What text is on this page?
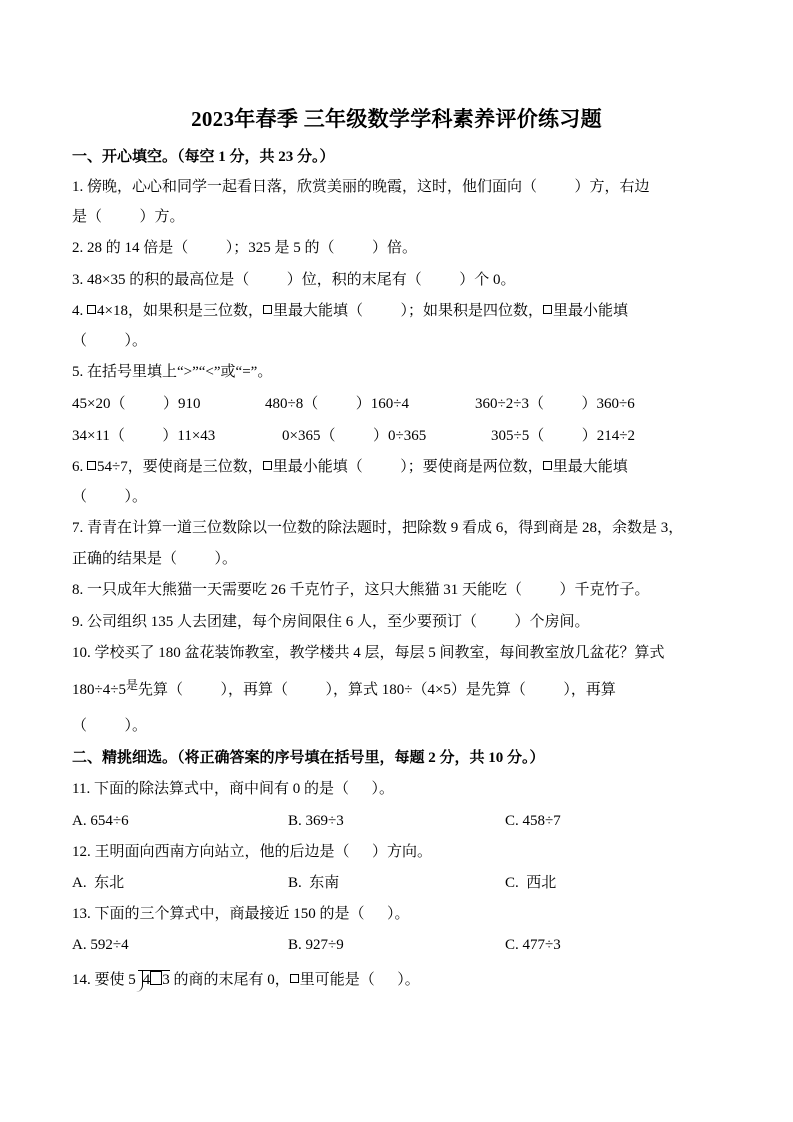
2023年春季 三年级数学学科素养评价练习题
一、开心填空。（每空 1 分，共 23 分。）
1. 傍晚，心心和同学一起看日落，欣赏美丽的晚霞，这时，他们面向（          ）方，右边
是（          ）方。
2. 28 的 14 倍是（          ）；325 是 5 的（          ）倍。
3. 48×35 的积的最高位是（          ）位，积的末尾有（          ）个 0。
4. 4×18，如果积是三位数， 里最大能填（          ）；如果积是四位数， 里最小能填
（          ）。
5. 在括号里填上“>”“<”或“=”。
45×20（          ）910	480÷8（          ）160÷4	360÷2÷3（          ）360÷6
34×11（          ）11×43	0×365（          ）0÷365	305÷5（          ）214÷2
6. 54÷7，要使商是三位数， 里最小能填（          ）；要使商是两位数， 里最大能填
（          ）。
7. 青青在计算一道三位数除以一位数的除法题时，把除数 9 看成 6，得到商是 28，余数是 3，
正确的结果是（          ）。
8. 一只成年大熊猫一天需要吃 26 千克竹子，这只大熊猫 31 天能吃（          ）千克竹子。
9. 公司组织 135 人去团建，每个房间限住 6 人，至少要预订（          ）个房间。
10. 学校买了 180 盆花装饰教室，教学楼共 4 层，每层 5 间教室，每间教室放几盆花？算式
$180\div 4\div 5^是$先算（          ），再算（          ），算式 180÷（4×5）是先算（          ），再算
（          ）。
二、精挑细选。（将正确答案的序号填在括号里，每题 2 分，共 10 分。）
11. 下面的除法算式中，商中间有 0 的是（      ）。
A. 654÷6	B. 369÷3	C. 458÷7
12. 王明面向西南方向站立，他的后边是（      ）方向。
A.  东北	B.  东南	C.  西北
13. 下面的三个算式中，商最接近 150 的是（      ）。
A. 592÷4	B. 927÷9	C. 477÷3
14. 要使 5 4 3 的商的末尾有 0， 里可能是（      ）。
